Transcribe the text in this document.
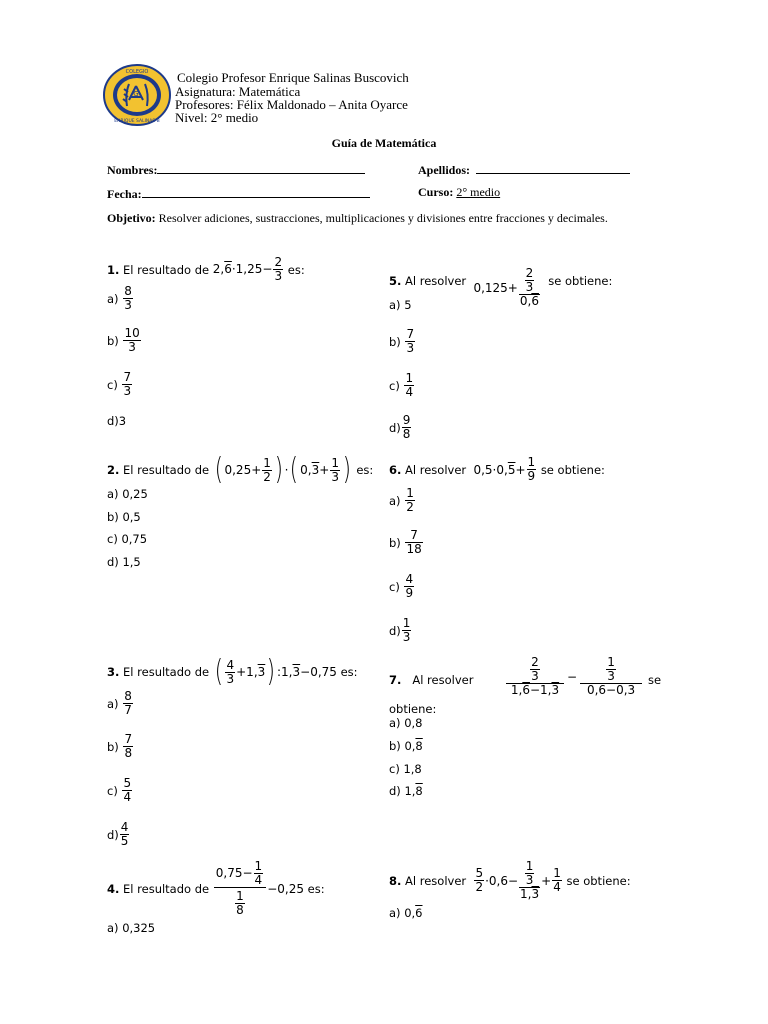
G
COLEGIO
ENRIQUE SALINAS B
Colegio Profesor Enrique Salinas Buscovich
Asignatura: Matemática
Profesores: Félix Maldonado – Anita Oyarce
Nivel: 2° medio
Guía de Matemática
Nombres:	Apellidos:
Fecha:	Curso: 2° medio
Objetivo: Resolver adiciones, sustracciones, multiplicaciones y divisiones entre fracciones y decimales.
1.
El resultado de
$2,6\cdot 1,25- \frac{2}{3}$
es:
a)
$\frac{8}{3}$
b)
$\frac{10}{3}$
c)
$\frac{7}{3}$
d)3
2.
El resultado de
( $0,25+ \frac{1}{2}$ ) · ( 0, $3 + \frac{1}{3}$ )
es:
a) 0,25
b) 0,5
c) 0,75
d) 1,5
3.
El resultado de
( $\frac{4}{3} +1$, 3 ) :1, 3 −0,75
es:
a)
$\frac{8}{7}$
b)
$\frac{7}{8}$
c)
$\frac{5}{4}$
$d) \frac{4}{5}$
4.
El resultado de
$\frac{0,75- \frac{1}{4}}{\frac{1}{8}} -0,25$
es:
a) 0,325
5.
Al resolver
$0,125+ \frac{\frac{2}{3}}{0,6}$
se obtiene:
a) 5
b)
$\frac{7}{3}$
c)
$\frac{1}{4}$
$d) \frac{9}{8}$
6.
Al resolver
0,5·0, $5 + \frac{1}{9}$
se obtiene:
a)
$\frac{1}{2}$
b)
$\frac{7}{18}$
c)
$\frac{4}{9}$
$d) \frac{1}{3}$
7. Al resolver	$\frac{\frac{2}{3}}{1,6-1,3} - \frac{\frac{1}{3}}{0,6-0,3}$ se
obtiene:
a) 0,8
b) 0, 8
c) 1,8
d) 1, 8
8.
Al resolver
$\frac{5}{2} \cdot 0,6- \frac{\frac{1}{3}}{1,3} + \frac{1}{4}$
se obtiene:
a) 0, 6
